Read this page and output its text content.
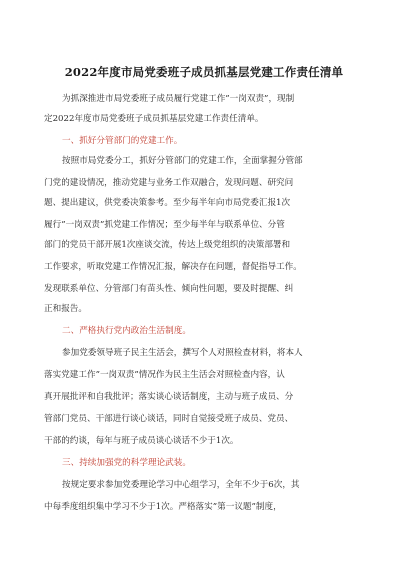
2022年度市局党委班子成员抓基层党建工作责任清单
为抓深推进市局党委班子成员履行党建工作”一岗双责”，现制
定2022年度市局党委班子成员抓基层党建工作责任清单。
一、抓好分管部门的党建工作。
按照市局党委分工，抓好分管部门的党建工作，全面掌握分管部
门党的建设情况，推动党建与业务工作双融合，发现问题、研究问
题、提出建议，供党委决策参考。至少每半年向市局党委汇报1次
履行”一岗双责”抓党建工作情况；至少每半年与联系单位、分管
部门的党员干部开展1次座谈交流，传达上级党组织的决策部署和
工作要求，听取党建工作情况汇报，解决存在问题，督促指导工作。
发现联系单位、分管部门有苗头性、倾向性问题，要及时提醒、纠
正和报告。
二、严格执行党内政治生活制度。
参加党委领导班子民主生活会，撰写个人对照检查材料，将本人
落实党建工作”一岗双责”情况作为民主生活会对照检查内容，认
真开展批评和自我批评；落实谈心谈话制度，主动与班子成员、分
管部门党员、干部进行谈心谈话，同时自觉接受班子成员、党员、
干部的约谈，每年与班子成员谈心谈话不少于1次。
三、持续加强党的科学理论武装。
按规定要求参加党委理论学习中心组学习，全年不少于6次，其
中每季度组织集中学习不少于1次。严格落实”第一议题”制度，
